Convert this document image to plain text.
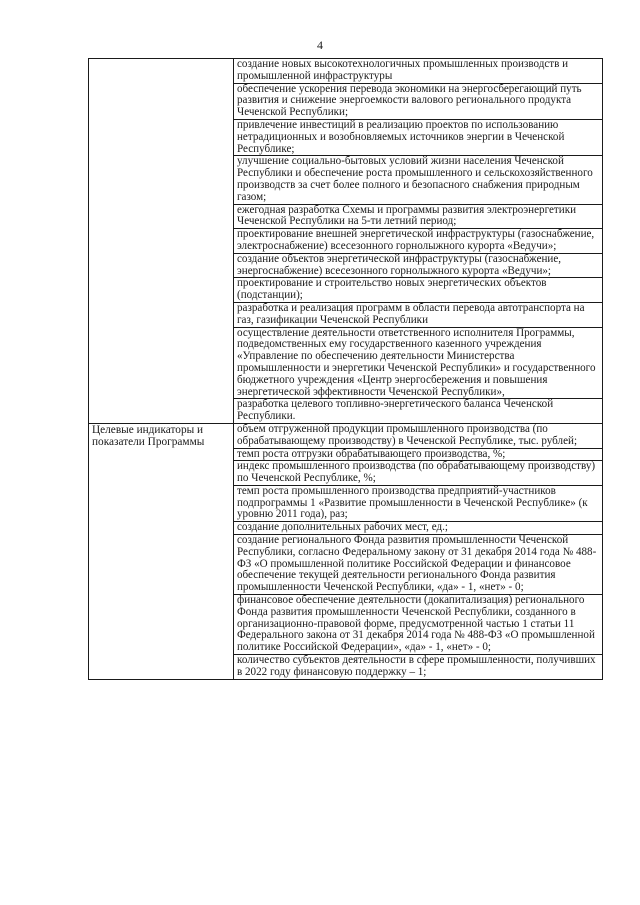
4

	создание новых высокотехнологичных промышленных производств и промышленной инфраструктуры

	обеспечение ускорения перевода экономики на энергосберегающий путь развития и снижение энергоемкости валового регионального продукта Чеченской Республики;

	привлечение инвестиций в реализацию проектов по использованию нетрадиционных и возобновляемых источников энергии в Чеченской Республике;

	улучшение социально-бытовых условий жизни населения Чеченской Республики и обеспечение роста промышленного и сельскохозяйственного производств за счет более полного и безопасного снабжения природным газом;

	ежегодная разработка Схемы и программы развития электроэнергетики Чеченской Республики на 5-ти летний период;

	проектирование внешней энергетической инфраструктуры (газоснабжение, электроснабжение) всесезонного горнолыжного курорта «Ведучи»;

	создание объектов энергетической инфраструктуры (газоснабжение, энергоснабжение) всесезонного горнолыжного курорта «Ведучи»;

	проектирование и строительство новых энергетических объектов (подстанции);

	разработка и реализация программ в области перевода автотранспорта на газ, газификации Чеченской Республики

	осуществление деятельности ответственного исполнителя Программы, подведомственных ему государственного казенного учреждения «Управление по обеспечению деятельности Министерства промышленности и энергетики Чеченской Республики» и государственного бюджетного учреждения «Центр энергосбережения и повышения энергетической эффективности Чеченской Республики»,

	разработка целевого топливно-энергетического баланса Чеченской Республики.

Целевые индикаторы и показатели Программы	объем отгруженной продукции промышленного производства (по обрабатывающему производству) в Чеченской Республике, тыс. рублей;

	темп роста отгрузки обрабатывающего производства, %;

	индекс промышленного производства (по обрабатывающему производству) по Чеченской Республике, %;

	темп роста промышленного производства предприятий-участников подпрограммы 1 «Развитие промышленности в Чеченской Республике» (к уровню 2011 года), раз;

	создание дополнительных рабочих мест, ед.;

	создание регионального Фонда развития промышленности Чеченской Республики, согласно Федеральному закону от 31 декабря 2014 года № 488-ФЗ «О промышленной политике Российской Федерации и финансовое обеспечение текущей деятельности регионального Фонда развития промышленности Чеченской Республики, «да» - 1, «нет» - 0;

	финансовое обеспечение деятельности (докапитализация) регионального Фонда развития промышленности Чеченской Республики, созданного в организационно-правовой форме, предусмотренной частью 1 статьи 11 Федерального закона от 31 декабря 2014 года № 488-ФЗ «О промышленной политике Российской Федерации», «да» - 1, «нет» - 0;

	количество субъектов деятельности в сфере промышленности, получивших в 2022 году финансовую поддержку – 1;
